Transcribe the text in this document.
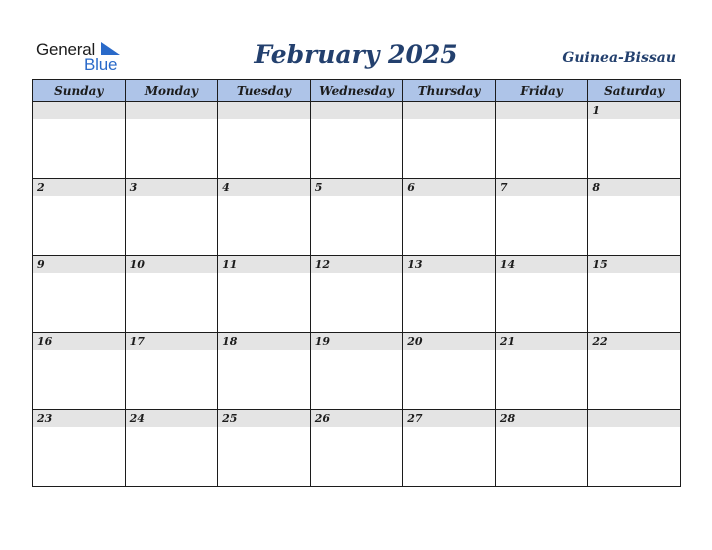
General
Blue	February 2025	Guinea-Bissau
Sunday	Monday	Tuesday	Wednesday	Thursday	Friday	Saturday

						1

2	3	4	5	6	7	8

9	10	11	12	13	14	15

16	17	18	19	20	21	22

23	24	25	26	27	28	
